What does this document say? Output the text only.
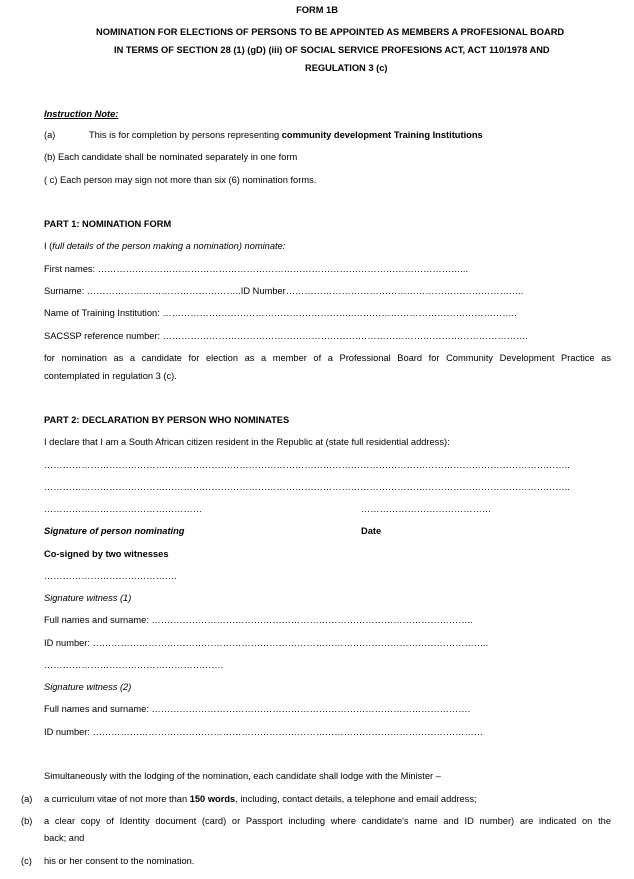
FORM 1B
NOMINATION FOR ELECTIONS OF PERSONS TO BE APPOINTED AS MEMBERS A PROFESIONAL BOARD
IN TERMS OF SECTION 28 (1) (gD) (iii) OF SOCIAL SERVICE PROFESIONS ACT, ACT 110/1978 AND
REGULATION 3 (c)
Instruction Note:
(a)	This is for completion by persons representing community development Training Institutions
(b) Each candidate shall be nominated separately in one form
( c) Each person may sign not more than six (6) nomination forms.
PART 1: NOMINATION FORM
I (full details of the person making a nomination) nominate:
First names: ………………………………………………………………………………………………………...
Surname: …………………………………………..ID Number…………………………………………………………………..
Name of Training Institution: ……………………………………………………..……………………………………………..
SACSSP reference number: ……………………………………………………………………………………………………….
for nomination as a candidate for election as a member of a Professional Board for Community Development Practice as
contemplated in regulation 3 (c).
PART 2: DECLARATION BY PERSON WHO NOMINATES
I declare that I am a South African citizen resident in the Republic at (state full residential address):
……………………………………………………………………………………………………………………………………………………..
……………………………………………………………………………………………………………………………………………………..
……………………………………………	……………………………………
Signature of person nominating	Date
Co-signed by two witnesses
…………………………………….
Signature witness (1)
Full names and surname: …………………………………………………………………………………………..
ID number: ………………………………………………………………………………………………………………..
………………………………………………….
Signature witness (2)
Full names and surname: ………………………………………………………………………………………….
ID number: ………………………………………………………………………………………………………………
Simultaneously with the lodging of the nomination, each candidate shall lodge with the Minister –
(a) a curriculum vitae of not more than 150 words, including, contact details, a telephone and email address;
(b) a clear copy of Identity document (card) or Passport including where candidate's name and ID number) are indicated on the
back; and
(c) his or her consent to the nomination.
